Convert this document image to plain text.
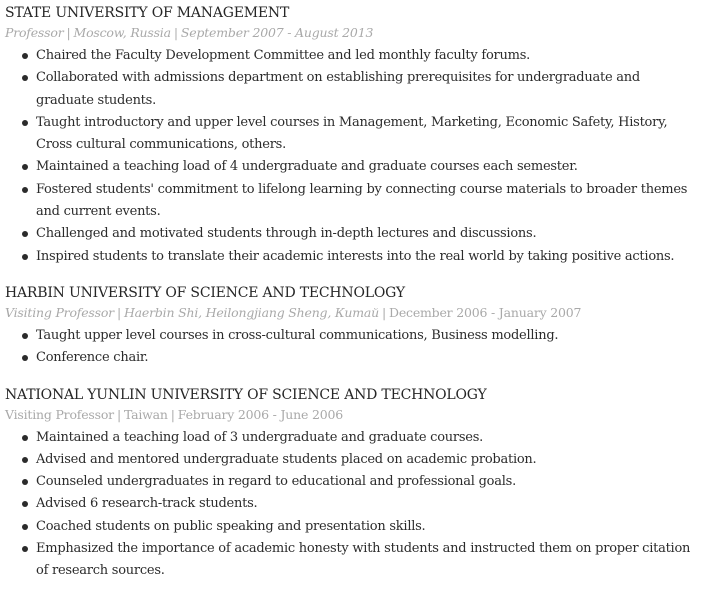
STATE UNIVERSITY OF MANAGEMENT
Professor | Moscow, Russia | September 2007 - August 2013
Chaired the Faculty Development Committee and led monthly faculty forums.
Collaborated with admissions department on establishing prerequisites for undergraduate and graduate students.
Taught introductory and upper level courses in Management, Marketing, Economic Safety, History, Cross cultural communications, others.
Maintained a teaching load of 4 undergraduate and graduate courses each semester.
Fostered students' commitment to lifelong learning by connecting course materials to broader themes and current events.
Challenged and motivated students through in-depth lectures and discussions.
Inspired students to translate their academic interests into the real world by taking positive actions.
HARBIN UNIVERSITY OF SCIENCE AND TECHNOLOGY
Visiting Professor | Haerbin Shi, Heilongjiang Sheng, Китай | December 2006 - January 2007
Taught upper level courses in cross-cultural communications, Business modelling.
Conference chair.
NATIONAL YUNLIN UNIVERSITY OF SCIENCE AND TECHNOLOGY
Visiting Professor | Taiwan | February 2006 - June 2006
Maintained a teaching load of 3 undergraduate and graduate courses.
Advised and mentored undergraduate students placed on academic probation.
Counseled undergraduates in regard to educational and professional goals.
Advised 6 research-track students.
Coached students on public speaking and presentation skills.
Emphasized the importance of academic honesty with students and instructed them on proper citation of research sources.
